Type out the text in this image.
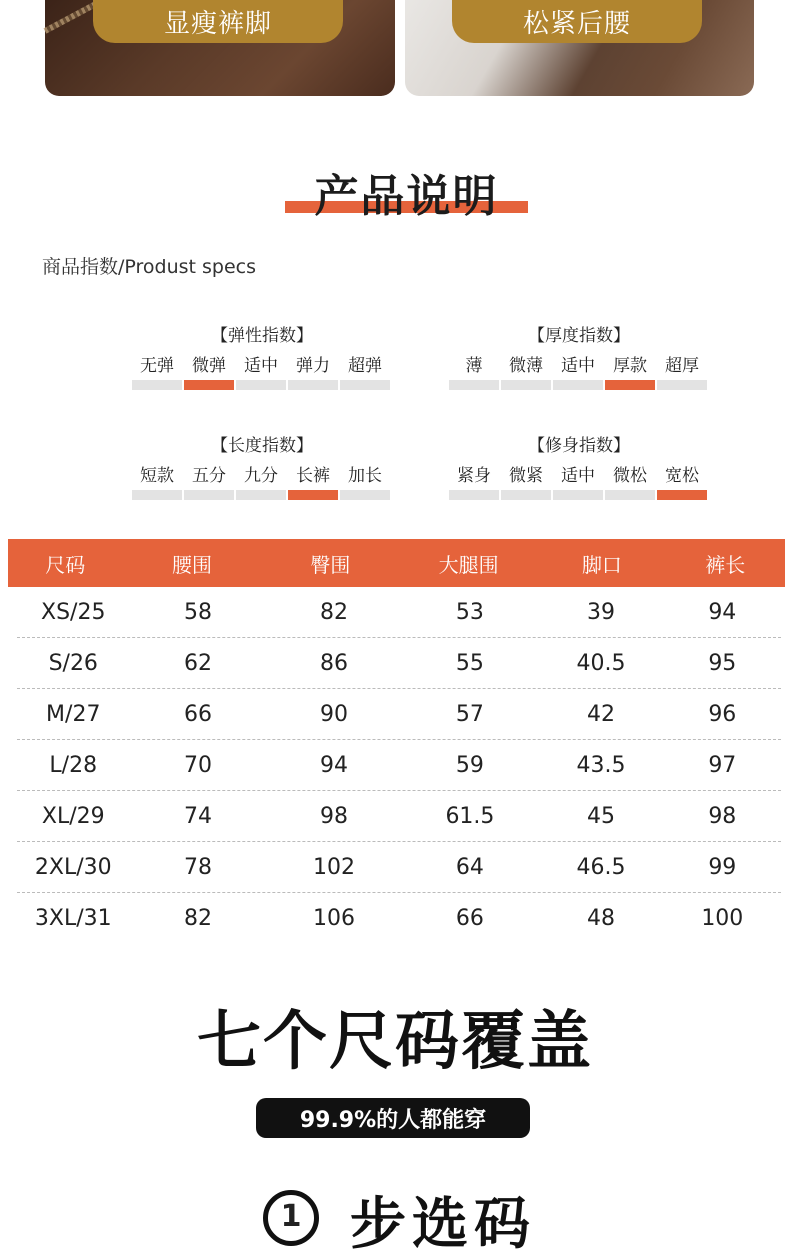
显瘦裤脚	松紧后腰
产品说明
商品指数/Produst specs
【弹性指数】
无弹	微弹	适中	弹力	超弹
【厚度指数】
薄	微薄	适中	厚款	超厚
【长度指数】
短款	五分	九分	长裤	加长
【修身指数】
紧身	微紧	适中	微松	宽松
尺码	腰围	臀围	大腿围	脚口	裤长
XS/25	58	82	53	39	94
S/26	62	86	55	40.5	95
M/27	66	90	57	42	96
L/28	70	94	59	43.5	97
XL/29	74	98	61.5	45	98
2XL/30	78	102	64	46.5	99
3XL/31	82	106	66	48	100
七个尺码覆盖
99.9%的人都能穿
1 步选码
